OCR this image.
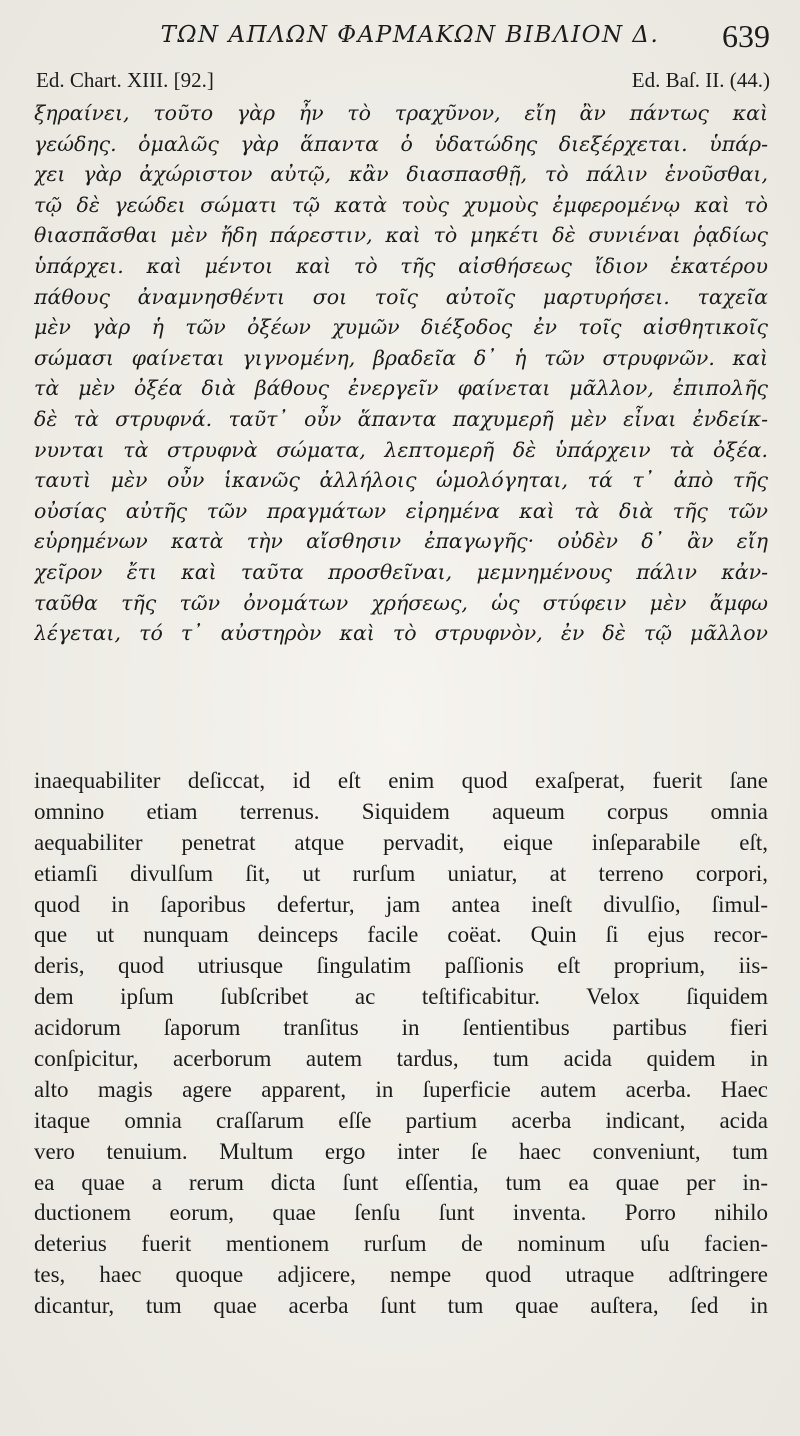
ΤΩΝ ΑΠΛΩΝ ΦΑΡΜΑΚΩΝ ΒΙΒΛΙΟΝ Δ.	639
Ed. Chart. XIII. [92.]	Ed. Baſ. II. (44.)
ξηραίνει, τοῦτο γὰρ ἦν τὸ τραχῦνον, εἴη ἂν πάντως καὶ
γεώδης. ὁμαλῶς γὰρ ἅπαντα ὁ ὑδατώδης διεξέρχεται. ὑπάρ-
χει γὰρ ἀχώριστον αὐτῷ, κἂν διασπασθῇ, τὸ πάλιν ἑνοῦσθαι,
τῷ δὲ γεώδει σώματι τῷ κατὰ τοὺς χυμοὺς ἐμφερομένῳ καὶ τὸ
θιασπᾶσθαι μὲν ἤδη πάρεστιν, καὶ τὸ μηκέτι δὲ συνιέναι ῥᾳδίως
ὑπάρχει. καὶ μέντοι καὶ τὸ τῆς αἰσθήσεως ἴδιον ἑκατέρου
πάθους ἀναμνησθέντι σοι τοῖς αὐτοῖς μαρτυρήσει. ταχεῖα
μὲν γὰρ ἡ τῶν ὀξέων χυμῶν διέξοδος ἐν τοῖς αἰσθητικοῖς
σώμασι φαίνεται γιγνομένη, βραδεῖα δ᾽ ἡ τῶν στρυφνῶν. καὶ
τὰ μὲν ὀξέα διὰ βάθους ἐνεργεῖν φαίνεται μᾶλλον, ἐπιπολῆς
δὲ τὰ στρυφνά. ταῦτ᾽ οὖν ἅπαντα παχυμερῆ μὲν εἶναι ἐνδείκ-
νυνται τὰ στρυφνὰ σώματα, λεπτομερῆ δὲ ὑπάρχειν τὰ ὀξέα.
ταυτὶ μὲν οὖν ἱκανῶς ἀλλήλοις ὡμολόγηται, τά τ᾽ ἀπὸ τῆς
οὐσίας αὐτῆς τῶν πραγμάτων εἰρημένα καὶ τὰ διὰ τῆς τῶν
εὑρημένων κατὰ τὴν αἴσθησιν ἐπαγωγῆς· οὐδὲν δ᾽ ἂν εἴη
χεῖρον ἔτι καὶ ταῦτα προσθεῖναι, μεμνημένους πάλιν κἀν-
ταῦθα τῆς τῶν ὀνομάτων χρήσεως, ὡς στύφειν μὲν ἄμφω
λέγεται, τό τ᾽ αὐστηρὸν καὶ τὸ στρυφνὸν, ἐν δὲ τῷ μᾶλλον
inaequabiliter deſiccat, id eſt enim quod exaſperat, fuerit ſane
omnino etiam terrenus. Siquidem aqueum corpus omnia
aequabiliter penetrat atque pervadit, eique inſeparabile eſt,
etiamſi divulſum ſit, ut rurſum uniatur, at terreno corpori,
quod in ſaporibus defertur, jam antea ineſt divulſio, ſimul-
que ut nunquam deinceps facile coëat. Quin ſi ejus recor-
deris, quod utriusque ſingulatim paſſionis eſt proprium, iis-
dem ipſum ſubſcribet ac teſtificabitur. Velox ſiquidem
acidorum ſaporum tranſitus in ſentientibus partibus fieri
conſpicitur, acerborum autem tardus, tum acida quidem in
alto magis agere apparent, in ſuperficie autem acerba. Haec
itaque omnia craſſarum eſſe partium acerba indicant, acida
vero tenuium. Multum ergo inter ſe haec conveniunt, tum
ea quae a rerum dicta ſunt eſſentia, tum ea quae per in-
ductionem eorum, quae ſenſu ſunt inventa. Porro nihilo
deterius fuerit mentionem rurſum de nominum uſu facien-
tes, haec quoque adjicere, nempe quod utraque adſtringere
dicantur, tum quae acerba ſunt tum quae auſtera, ſed in
